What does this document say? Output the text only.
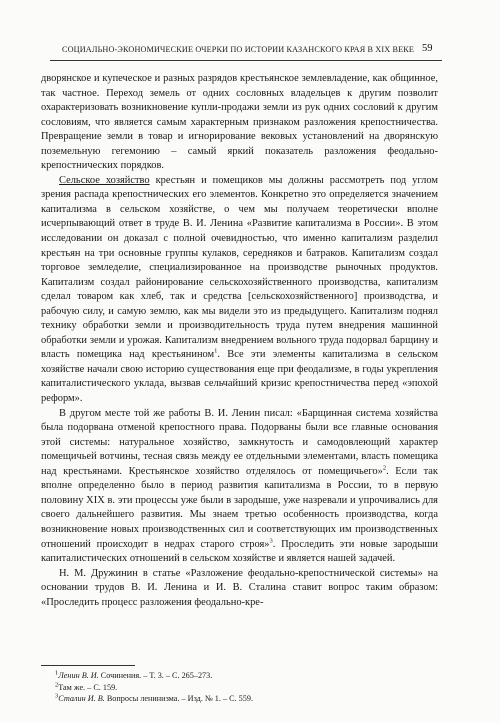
СОЦИАЛЬНО-ЭКОНОМИЧЕСКИЕ ОЧЕРКИ ПО ИСТОРИИ КАЗАНСКОГО КРАЯ В XIX ВЕКЕ 59

дворянское и купеческое и разных разрядов крестьянское землевладение, как общинное, так частное. Переход земель от одних сословных владельцев к другим позволит охарактеризовать возникновение купли-продажи земли из рук одних сословий к другим сословиям, что является самым характерным признаком разложения крепостничества. Превращение земли в товар и игнорирование вековых установлений на дворянскую поземельную гегемонию – самый яркий показатель разложения феодально-крепостнических порядков.

Сельское хозяйство крестьян и помещиков мы должны рассмотреть под углом зрения распада крепостнических его элементов. Конкретно это определяется значением капитализма в сельском хозяйстве, о чем мы получаем теоретически вполне исчерпывающий ответ в труде В. И. Ленина «Развитие капитализма в России». В этом исследовании он доказал с полной очевидностью, что именно капитализм разделил крестьян на три основные группы кулаков, середняков и батраков. Капитализм создал торговое земледелие, специализированное на производстве рыночных продуктов. Капитализм создал районирование сельскохозяйственного производства, капитализм сделал товаром как хлеб, так и средства [сельскохозяйственного] производства, и рабочую силу, и самую землю, как мы видели это из предыдущего. Капитализм поднял технику обработки земли и производительность труда путем внедрения машинной обработки земли и урожая. Капитализм внедрением вольного труда подорвал барщину и власть помещика над крестьянином$^1$. Все эти элементы капитализма в сельском хозяйстве начали свою историю существования еще при феодализме, в годы укрепления капиталистического уклада, вызвав сельчайший кризис крепостничества перед «эпохой реформ».

В другом месте той же работы В. И. Ленин писал: «Барщинная система хозяйства была подорвана отменой крепостного права. Подорваны были все главные основания этой системы: натуральное хозяйство, замкнутость и самодовлеющий характер помещичьей вотчины, тесная связь между ее отдельными элементами, власть помещика над крестьянами. Крестьянское хозяйство отделялось от помещичьего»$^2$. Если так вполне определенно было в период развития капитализма в России, то в первую половину XIX в. эти процессы уже были в зародыше, уже назревали и упрочивались для своего дальнейшего развития. Мы знаем третью особенность производства, когда возникновение новых производственных сил и соответствующих им производственных отношений происходит в недрах старого строя»$^3$. Проследить эти новые зародыши капиталистических отношений в сельском хозяйстве и является нашей задачей.

Н. М. Дружинин в статье «Разложение феодально-крепостнической системы» на основании трудов В. И. Ленина и И. В. Сталина ставит вопрос таким образом: «Проследить процесс разложения феодально-кре-

$^1$Ленин В. И. Сочинения. – Т. 3. – С. 265–273.

$^2$Там же. – С. 159.

$^3$Сталин И. В. Вопросы ленинизма. – Изд. № 1. – С. 559.
